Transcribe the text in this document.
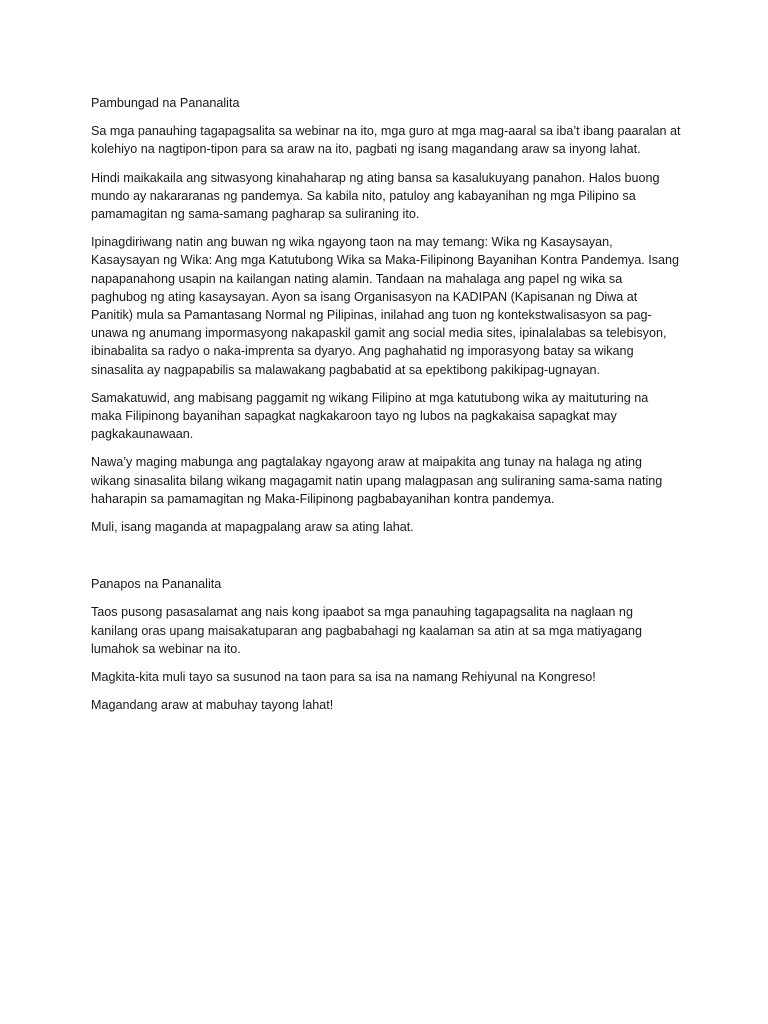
Pambungad na Pananalita

Sa mga panauhing tagapagsalita sa webinar na ito, mga guro at mga mag-aaral sa iba’t ibang paaralan at kolehiyo na nagtipon-tipon para sa araw na ito, pagbati ng isang magandang araw sa inyong lahat.

Hindi maikakaila ang sitwasyong kinahaharap ng ating bansa sa kasalukuyang panahon. Halos buong mundo ay nakararanas ng pandemya. Sa kabila nito, patuloy ang kabayanihan ng mga Pilipino sa pamamagitan ng sama-samang pagharap sa suliraning ito.

Ipinagdiriwang natin ang buwan ng wika ngayong taon na may temang: Wika ng Kasaysayan, Kasaysayan ng Wika: Ang mga Katutubong Wika sa Maka-Filipinong Bayanihan Kontra Pandemya. Isang napapanahong usapin na kailangan nating alamin. Tandaan na mahalaga ang papel ng wika sa paghubog ng ating kasaysayan. Ayon sa isang Organisasyon na KADIPAN (Kapisanan ng Diwa at Panitik) mula sa Pamantasang Normal ng Pilipinas, inilahad ang tuon ng kontekstwalisasyon sa pag-unawa ng anumang impormasyong nakapaskil gamit ang social media sites, ipinalalabas sa telebisyon, ibinabalita sa radyo o naka-imprenta sa dyaryo. Ang paghahatid ng imporasyong batay sa wikang sinasalita ay nagpapabilis sa malawakang pagbabatid at sa epektibong pakikipag-ugnayan.

Samakatuwid, ang mabisang paggamit ng wikang Filipino at mga katutubong wika ay maituturing na maka Filipinong bayanihan sapagkat nagkakaroon tayo ng lubos na pagkakaisa sapagkat may pagkakaunawaan.

Nawa’y maging mabunga ang pagtalakay ngayong araw at maipakita ang tunay na halaga ng ating wikang sinasalita bilang wikang magagamit natin upang malagpasan ang suliraning sama-sama nating haharapin sa pamamagitan ng Maka-Filipinong pagbabayanihan kontra pandemya.

Muli, isang maganda at mapagpalang araw sa ating lahat.

Panapos na Pananalita

Taos pusong pasasalamat ang nais kong ipaabot sa mga panauhing tagapagsalita na naglaan ng kanilang oras upang maisakatuparan ang pagbabahagi ng kaalaman sa atin at sa mga matiyagang lumahok sa webinar na ito.

Magkita-kita muli tayo sa susunod na taon para sa isa na namang Rehiyunal na Kongreso!

Magandang araw at mabuhay tayong lahat!
